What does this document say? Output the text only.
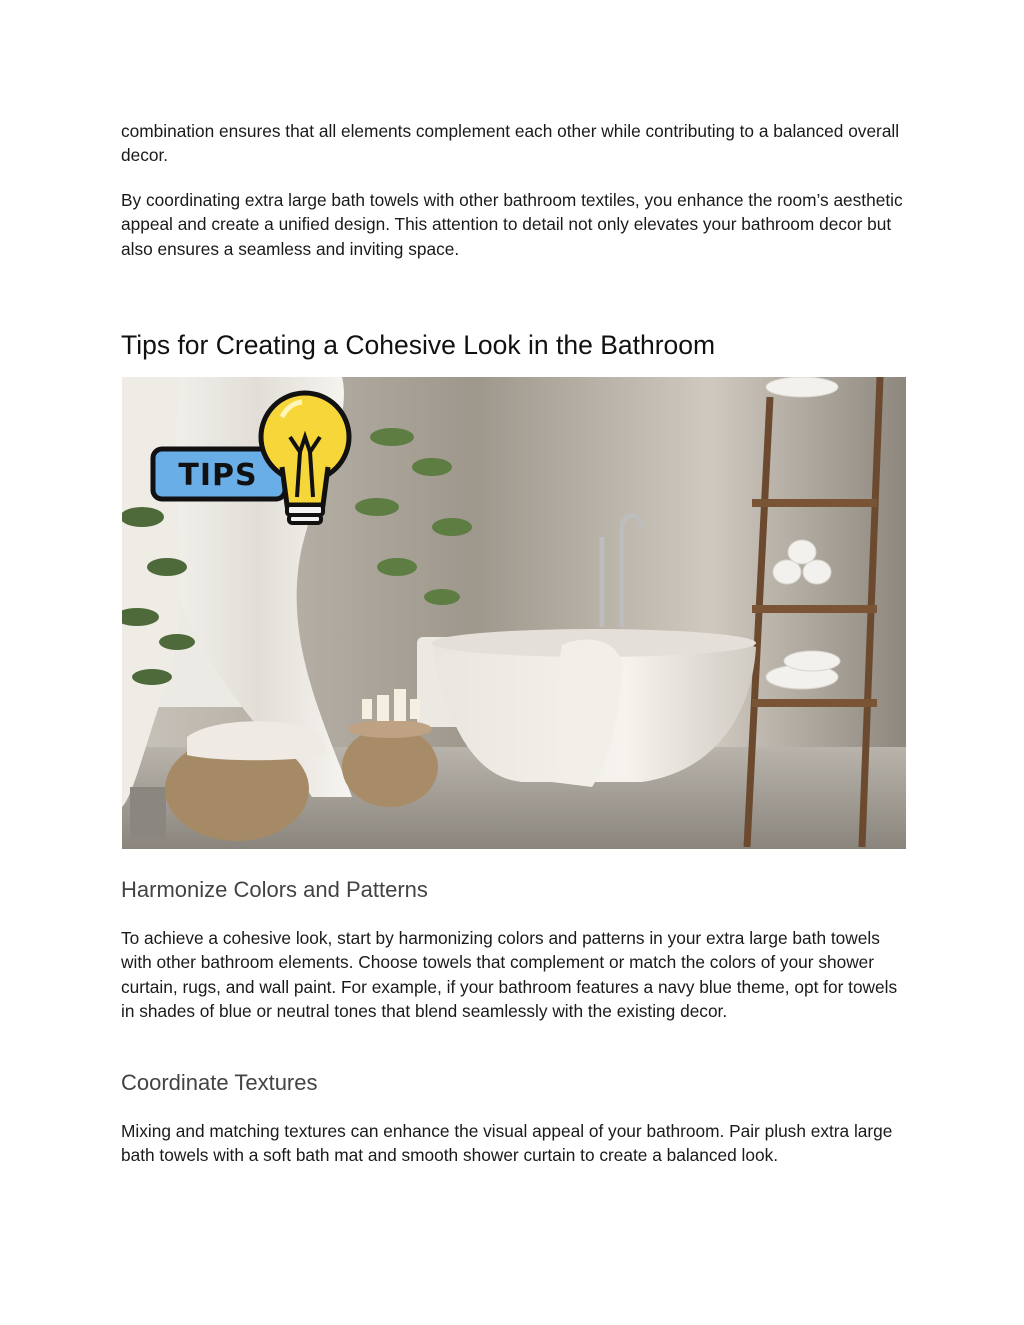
combination ensures that all elements complement each other while contributing to a balanced overall decor.

By coordinating extra large bath towels with other bathroom textiles, you enhance the room’s aesthetic appeal and create a unified design. This attention to detail not only elevates your bathroom decor but also ensures a seamless and inviting space.

Tips for Creating a Cohesive Look in the Bathroom
TIPS
Harmonize Colors and Patterns

To achieve a cohesive look, start by harmonizing colors and patterns in your extra large bath towels with other bathroom elements. Choose towels that complement or match the colors of your shower curtain, rugs, and wall paint. For example, if your bathroom features a navy blue theme, opt for towels in shades of blue or neutral tones that blend seamlessly with the existing decor.

Coordinate Textures

Mixing and matching textures can enhance the visual appeal of your bathroom. Pair plush extra large bath towels with a soft bath mat and smooth shower curtain to create a balanced look.
